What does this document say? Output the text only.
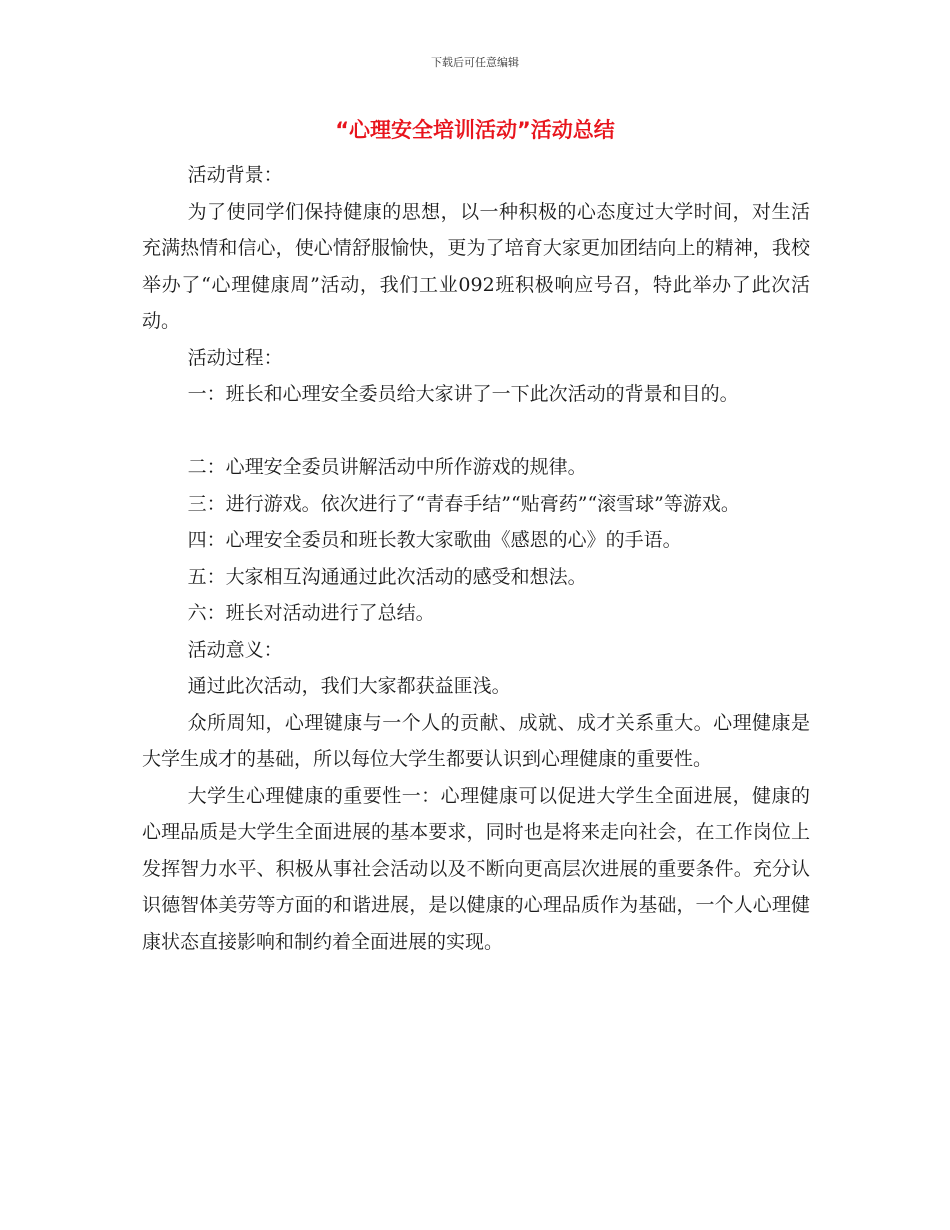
下载后可任意编辑
“心理安全培训活动”活动总结

活动背景：

为了使同学们保持健康的思想，以一种积极的心态度过大学时间，对生活充满热情和信心，使心情舒服愉快，更为了培育大家更加团结向上的精神，我校举办了“心理健康周”活动，我们工业092班积极响应号召，特此举办了此次活动。

活动过程：

一：班长和心理安全委员给大家讲了一下此次活动的背景和目的。

二：心理安全委员讲解活动中所作游戏的规律。

三：进行游戏。依次进行了“青春手结”“贴膏药”“滚雪球”等游戏。

四：心理安全委员和班长教大家歌曲《感恩的心》的手语。

五：大家相互沟通通过此次活动的感受和想法。

六：班长对活动进行了总结。

活动意义：

通过此次活动，我们大家都获益匪浅。

众所周知，心理键康与一个人的贡献、成就、成才关系重大。心理健康是大学生成才的基础，所以每位大学生都要认识到心理健康的重要性。

大学生心理健康的重要性一：心理健康可以促进大学生全面进展，健康的心理品质是大学生全面进展的基本要求，同时也是将来走向社会，在工作岗位上发挥智力水平、积极从事社会活动以及不断向更高层次进展的重要条件。充分认识德智体美劳等方面的和谐进展，是以健康的心理品质作为基础，一个人心理健康状态直接影响和制约着全面进展的实现。
